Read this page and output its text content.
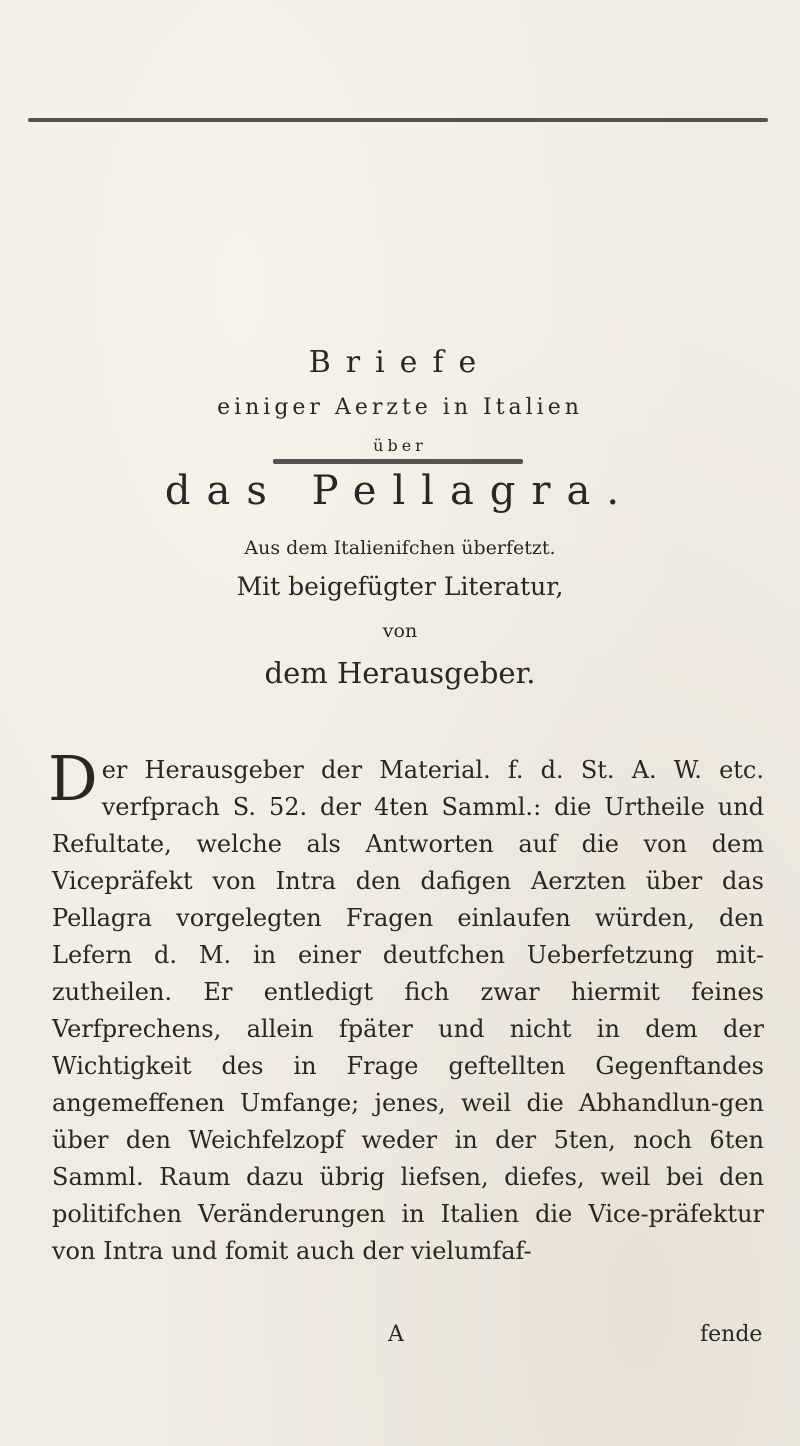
Briefe
einiger Aerzte in Italien
über
das Pellagra.
Aus dem Italienifchen überfetzt.
Mit beigefügter Literatur,
von
dem Herausgeber.

Der Herausgeber der Material. f. d. St. A. W. etc. verfprach S. 52. der 4ten Samml.: die Urtheile und Refultate, welche als Antworten auf die von dem Vicepräfekt von Intra den dafigen Aerzten über das Pellagra vorgelegten Fragen einlaufen würden, den Lefern d. M. in einer deutfchen Ueberfetzung mit-zutheilen. Er entledigt fich zwar hiermit feines Verfprechens, allein fpäter und nicht in dem der Wichtigkeit des in Frage geftellten Gegenftandes angemeffenen Umfange; jenes, weil die Abhandlun-gen über den Weichfelzopf weder in der 5ten, noch 6ten Samml. Raum dazu übrig liefsen, diefes, weil bei den politifchen Veränderungen in Italien die Vice-präfektur von Intra und fomit auch der vielumfaf-

A	fende
